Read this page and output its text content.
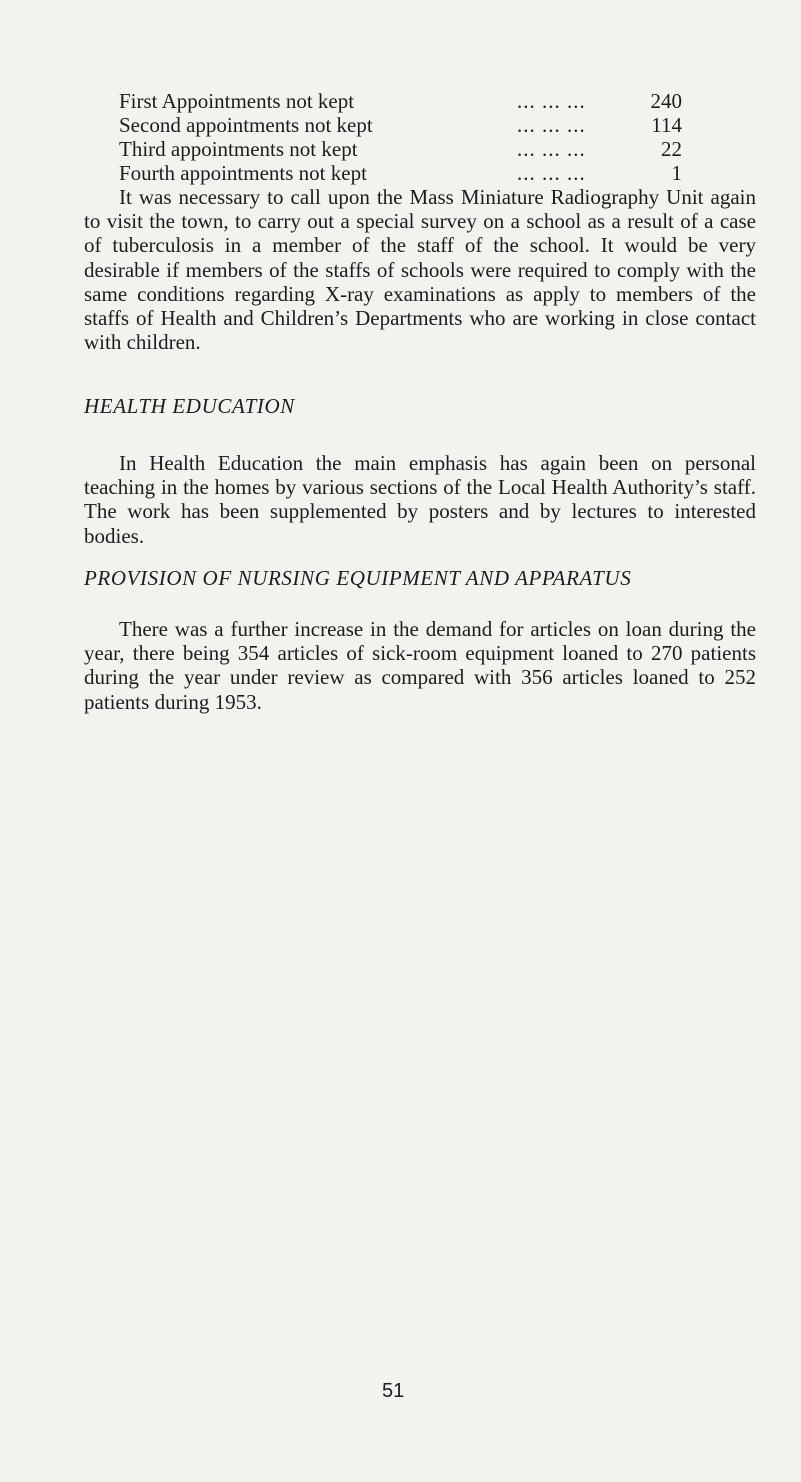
First Appointments not kept	... ... ...	240
Second appointments not kept	... ... ...	114
Third appointments not kept	... ... ...	22
Fourth appointments not kept	... ... ...	1

It was necessary to call upon the Mass Miniature Radiography Unit again to visit the town, to carry out a special survey on a school as a result of a case of tuberculosis in a member of the staff of the school. It would be very desirable if members of the staffs of schools were required to comply with the same conditions regarding X-ray examinations as apply to members of the staffs of Health and Children’s Departments who are working in close contact with children.

HEALTH EDUCATION

In Health Education the main emphasis has again been on personal teaching in the homes by various sections of the Local Health Authority’s staff. The work has been supplemented by posters and by lectures to interested bodies.

PROVISION OF NURSING EQUIPMENT AND APPARATUS

There was a further increase in the demand for articles on loan during the year, there being 354 articles of sick-room equipment loaned to 270 patients during the year under review as compared with 356 articles loaned to 252 patients during 1953.

51
